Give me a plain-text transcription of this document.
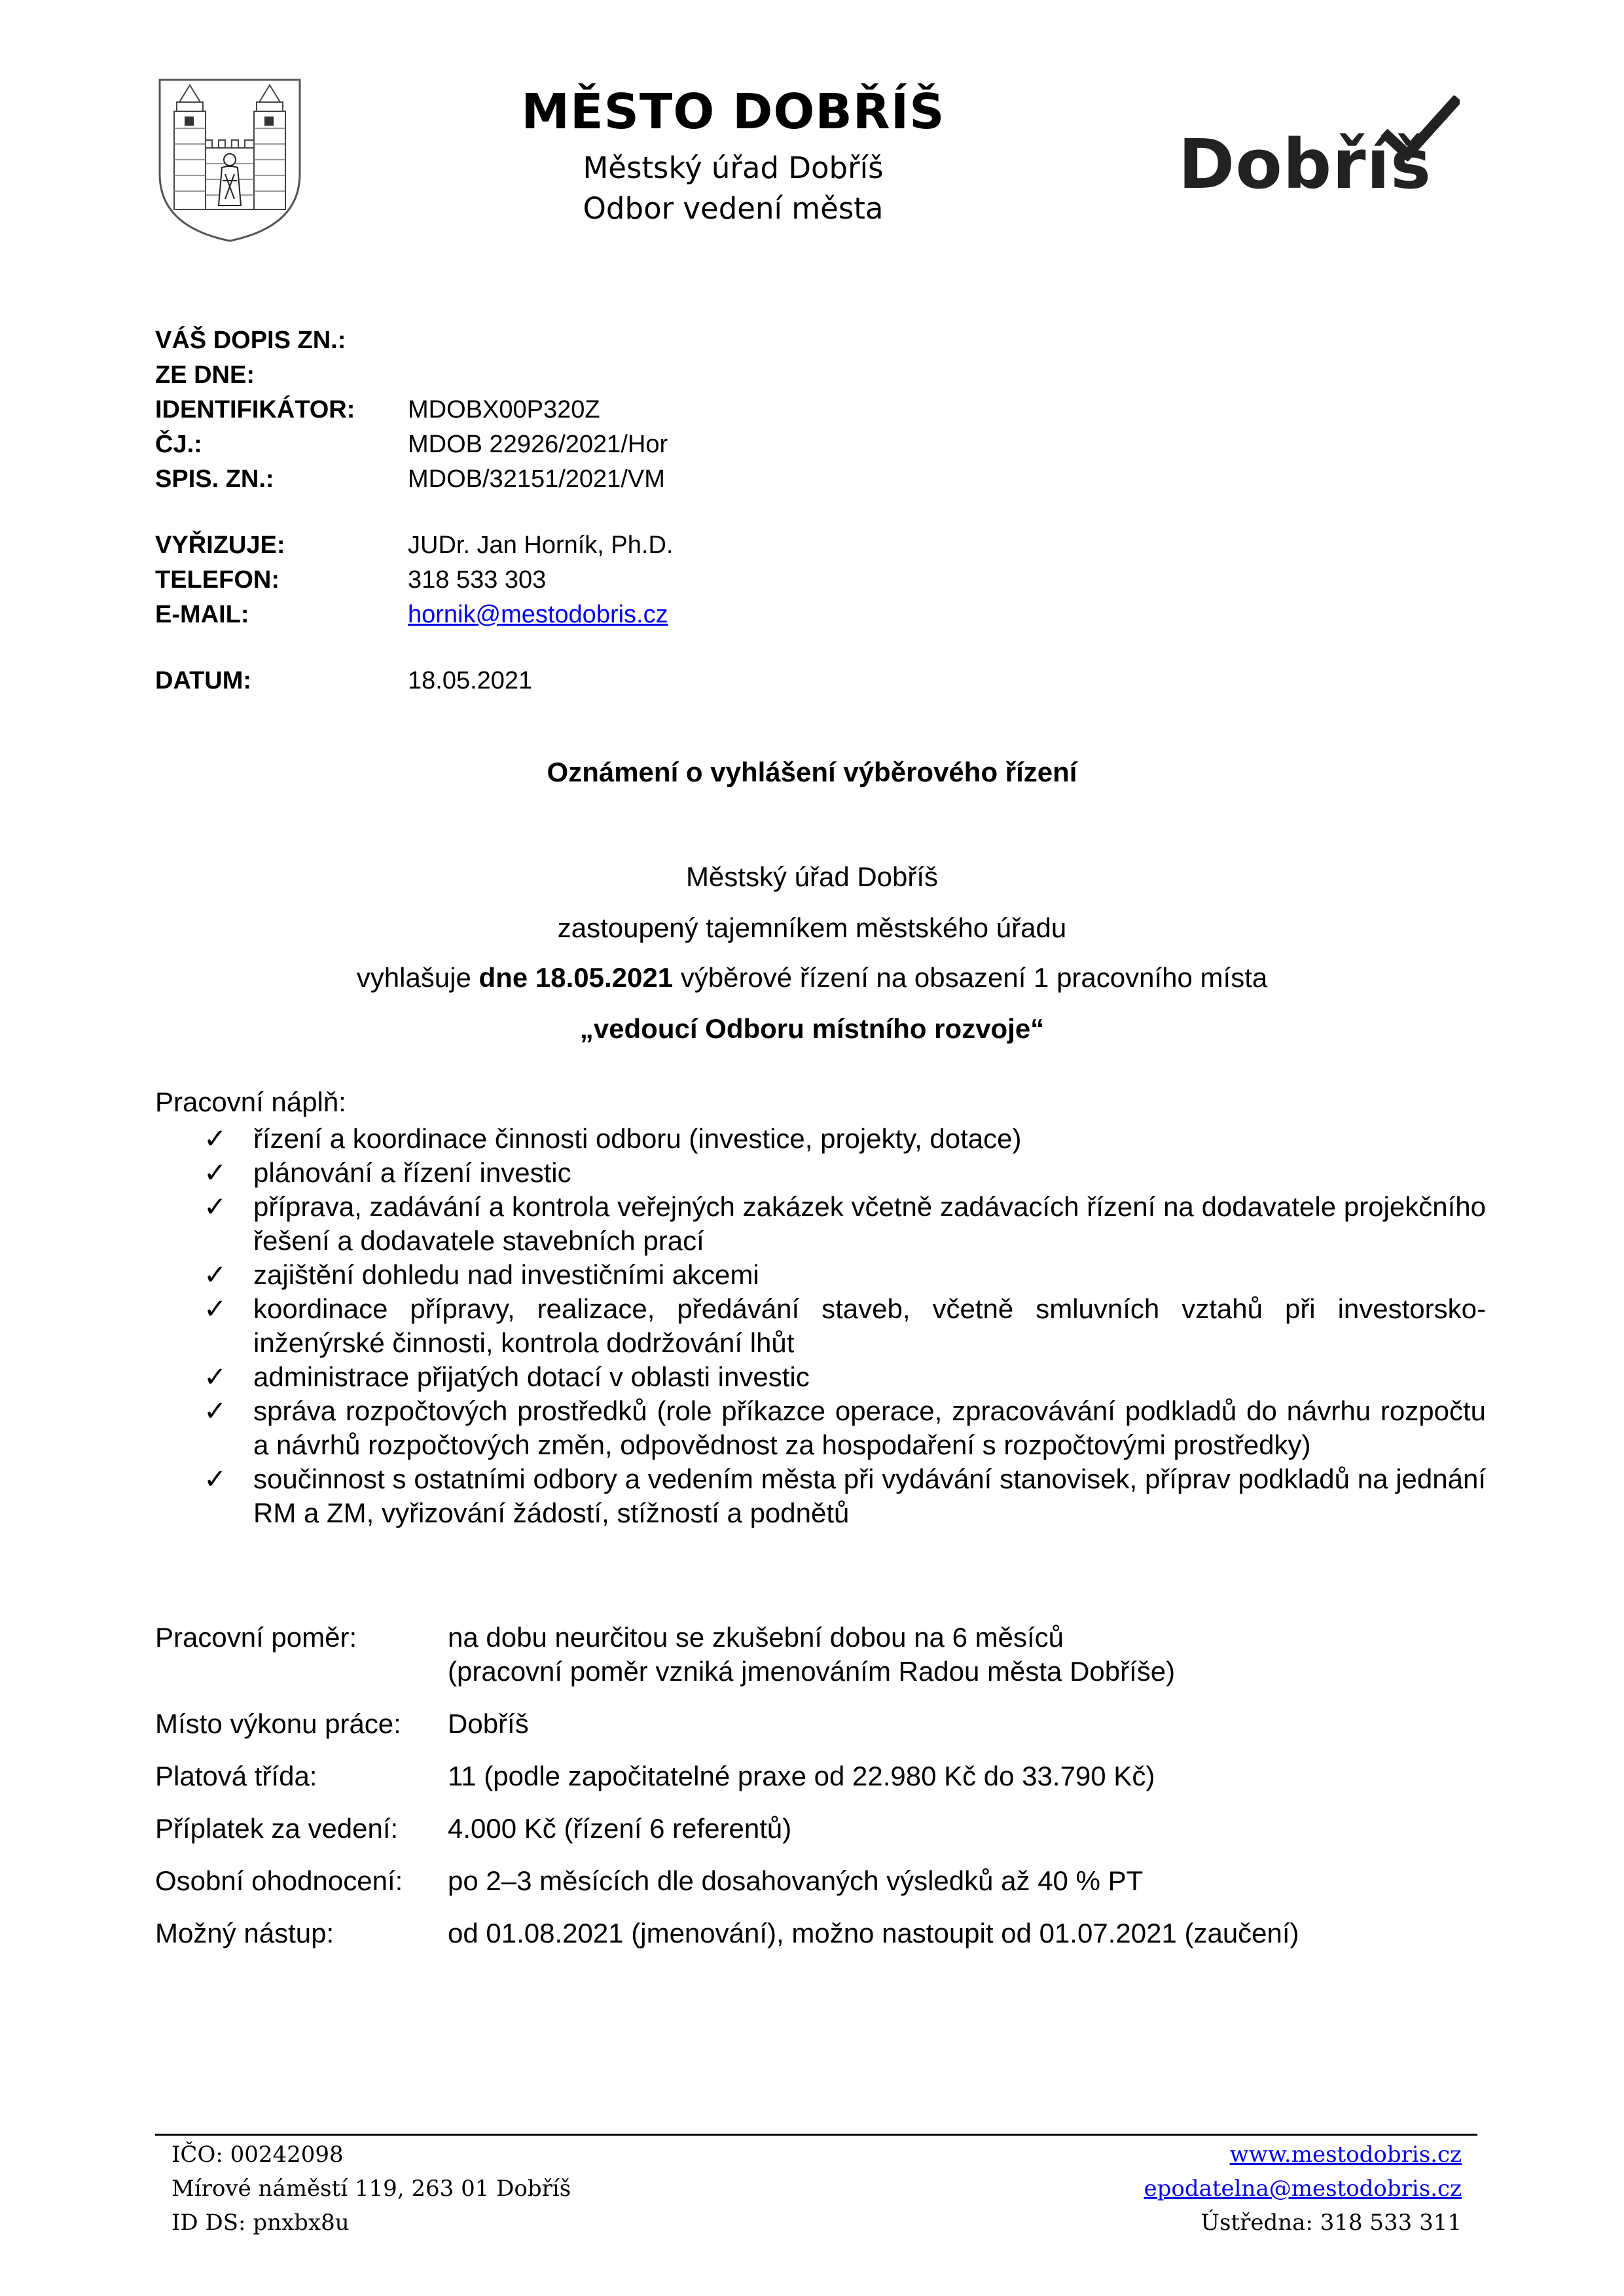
MĚSTO DOBŘÍŠ
Městský úřad Dobříš
Odbor vedení města
Dobříš
VÁŠ DOPIS ZN.:
ZE DNE:
IDENTIFIKÁTOR:	MDOBX00P320Z
ČJ.:	MDOB 22926/2021/Hor
SPIS. ZN.:	MDOB/32151/2021/VM
VYŘIZUJE:	JUDr. Jan Horník, Ph.D.
TELEFON:	318 533 303
E-MAIL:	hornik@mestodobris.cz
DATUM:	18.05.2021
Oznámení o vyhlášení výběrového řízení
Městský úřad Dobříš
zastoupený tajemníkem městského úřadu
vyhlašuje dne 18.05.2021 výběrové řízení na obsazení 1 pracovního místa
„vedoucí Odboru místního rozvoje“
Pracovní náplň:
✓ řízení a koordinace činnosti odboru (investice, projekty, dotace)
✓ plánování a řízení investic
✓ příprava, zadávání a kontrola veřejných zakázek včetně zadávacích řízení na dodavatele projekčního řešení a dodavatele stavebních prací
✓ zajištění dohledu nad investičními akcemi
✓ koordinace přípravy, realizace, předávání staveb, včetně smluvních vztahů při investorsko-inženýrské činnosti, kontrola dodržování lhůt
✓ administrace přijatých dotací v oblasti investic
✓ správa rozpočtových prostředků (role příkazce operace, zpracovávání podkladů do návrhu rozpočtu a návrhů rozpočtových změn, odpovědnost za hospodaření s rozpočtovými prostředky)
✓ součinnost s ostatními odbory a vedením města při vydávání stanovisek, příprav podkladů na jednání RM a ZM, vyřizování žádostí, stížností a podnětů
Pracovní poměr:	na dobu neurčitou se zkušební dobou na 6 měsíců
(pracovní poměr vzniká jmenováním Radou města Dobříše)
Místo výkonu práce:	Dobříš
Platová třída:	11 (podle započitatelné praxe od 22.980 Kč do 33.790 Kč)
Příplatek za vedení:	4.000 Kč (řízení 6 referentů)
Osobní ohodnocení:	po 2–3 měsících dle dosahovaných výsledků až 40 % PT
Možný nástup:	od 01.08.2021 (jmenování), možno nastoupit od 01.07.2021 (zaučení)
IČO: 00242098
Mírové náměstí 119, 263 01 Dobříš
ID DS: pnxbx8u
www.mestodobris.cz
epodatelna@mestodobris.cz
Ústředna: 318 533 311
